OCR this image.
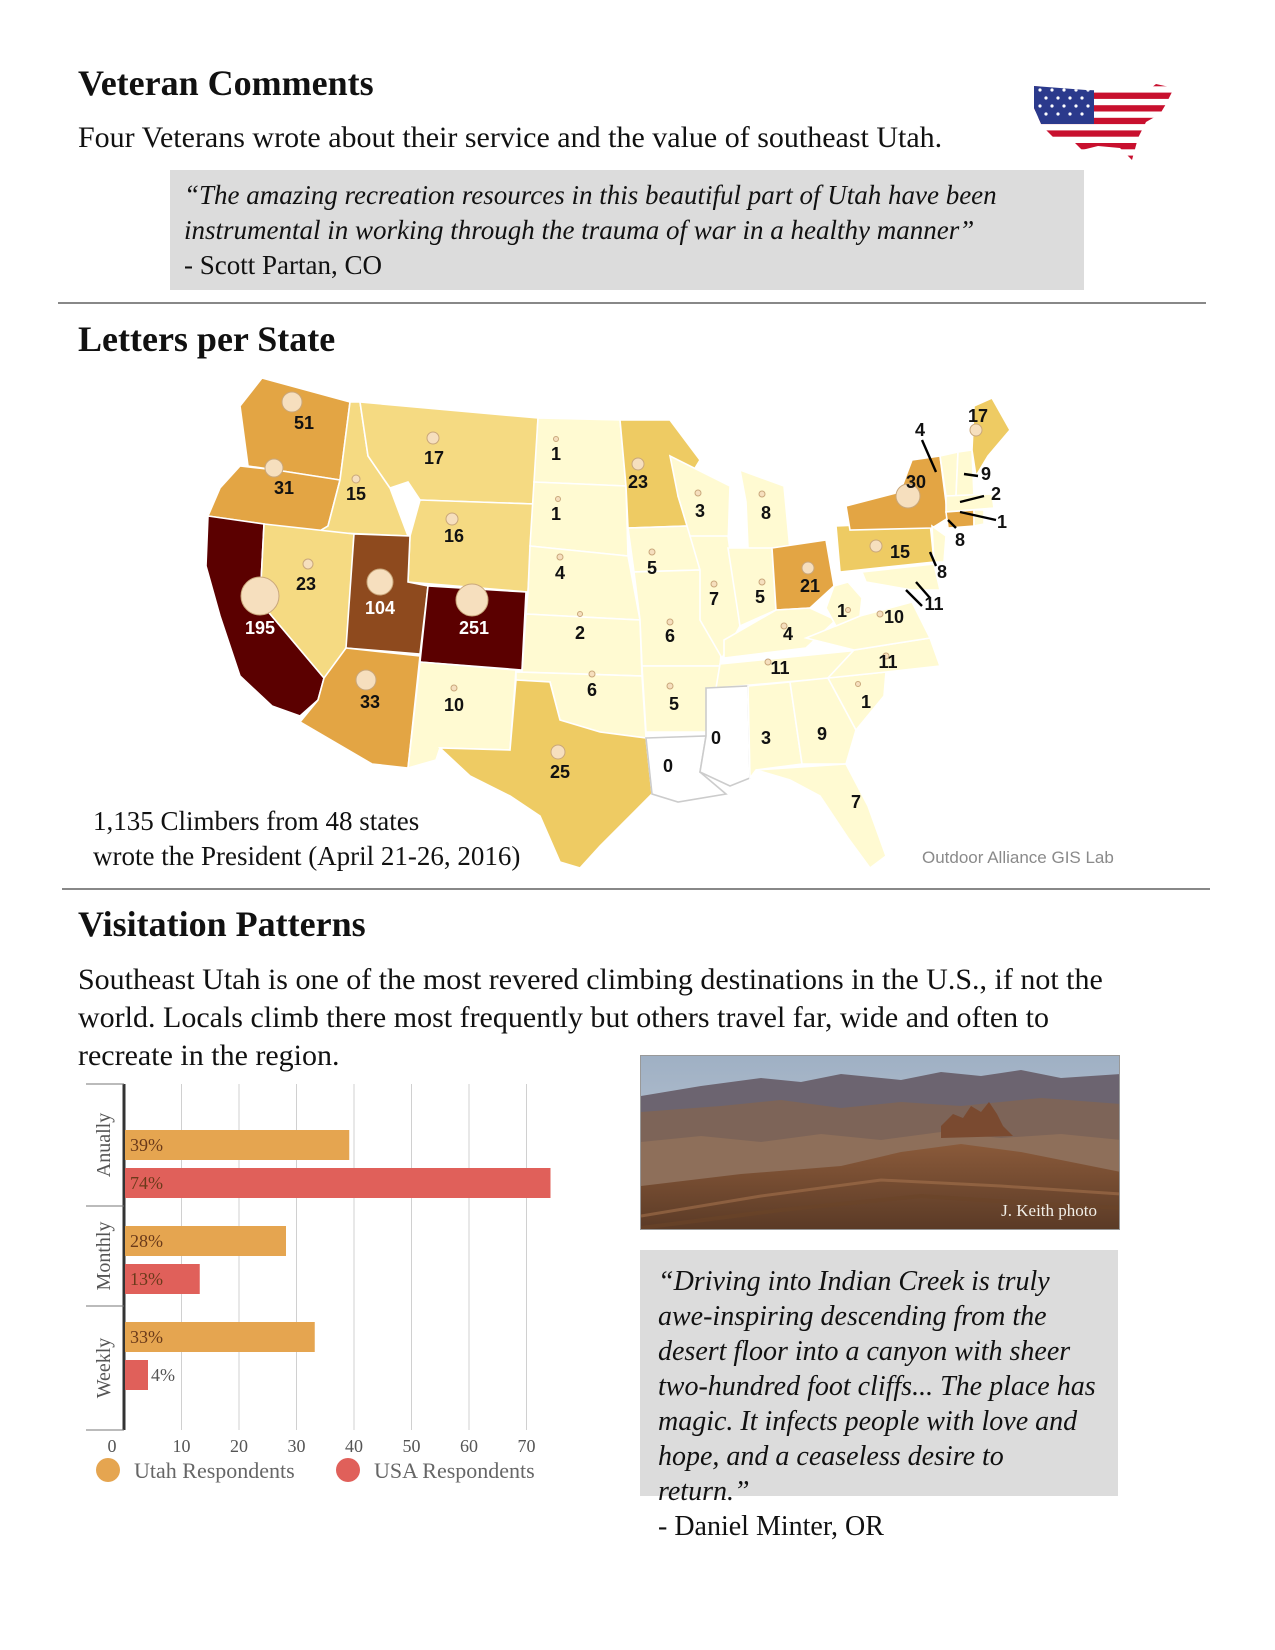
Veteran Comments

Four Veterans wrote about their service and the value of southeast Utah.

“The amazing recreation resources in this beautiful part of Utah have been instrumental in working through the trauma of war in a healthy manner”
- Scott Partan, CO
Letters per State
51
31	15
17
16
1
1
23
3	8
195
23
104
251
4	5
7 5
21
2	6	4
1 10
33	10
6
5
11	11
1
25	0
0 3	9
7
30
15
17
4
9
2
1
8
8
11
1,135 Climbers from 48 states
wrote the President (April 21-26, 2016)	Outdoor Alliance GIS Lab
Visitation Patterns

Southeast Utah is one of the most revered climbing destinations in the U.S., if not the world. Locals climb there most frequently but others travel far, wide and often to recreate in the region.

39%
74%
Anually
28%
13%
Monthly
33%
4%
Weekly
0	10 20 30 40 50 60 70
Utah Respondents	USA Respondents
J. Keith photo
“Driving into Indian Creek is truly awe-inspiring descending from the desert floor into a canyon with sheer two-hundred foot cliffs... The place has magic. It infects people with love and hope, and a ceaseless desire to return.”
- Daniel Minter, OR
